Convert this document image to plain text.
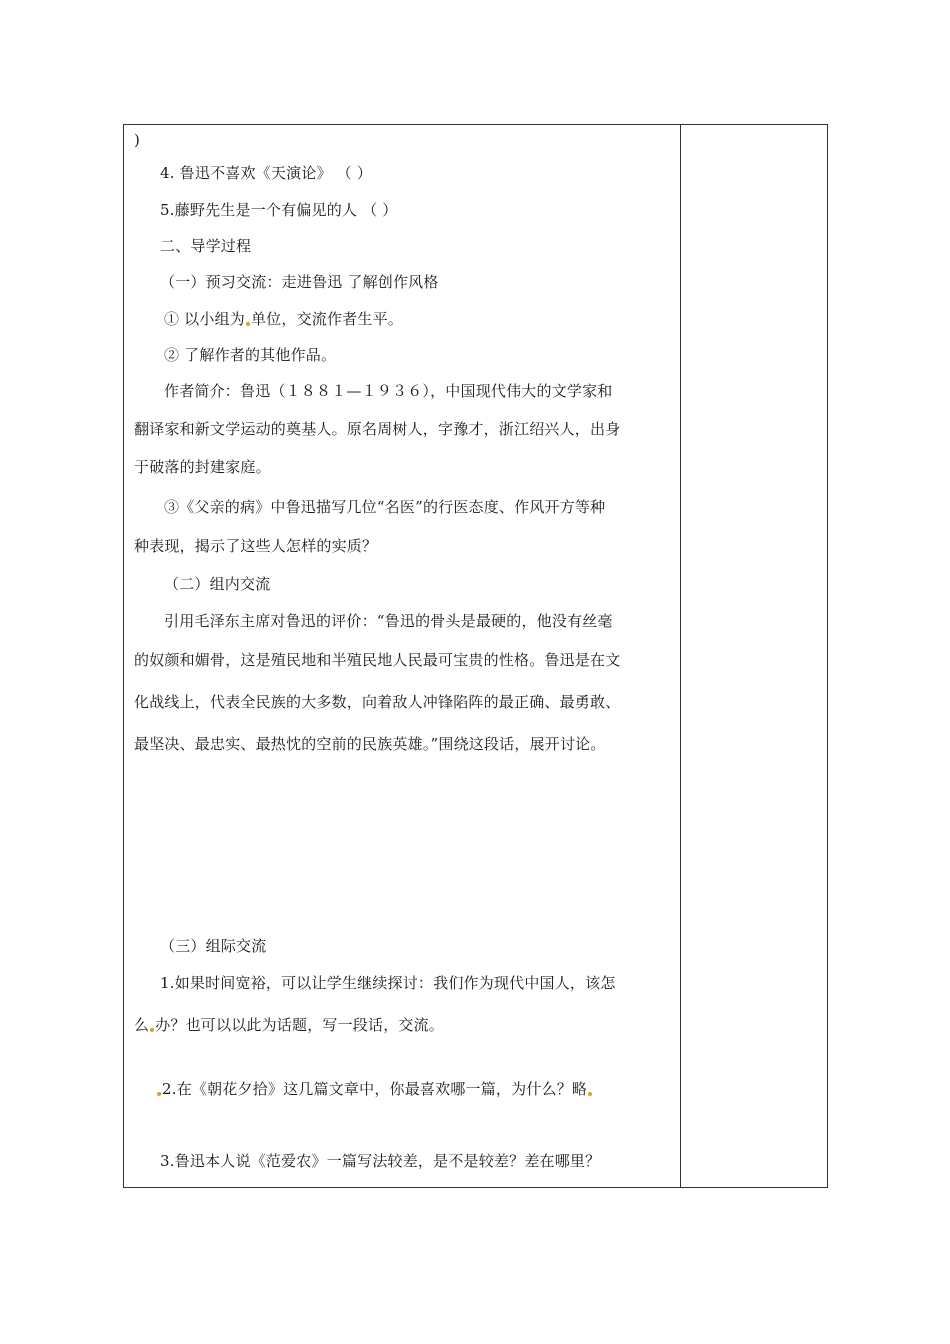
)
4. 鲁迅不喜欢《天演论》 （ ）
5.藤野先生是一个有偏见的人 （ ）
二、导学过程
（一）预习交流：走进鲁迅 了解创作风格
① 以小组为 单位，交流作者生平。
② 了解作者的其他作品。
作者简介：鲁迅（１８８１—１９３６），中国现代伟大的文学家和
翻译家和新文学运动的奠基人。原名周树人，字豫才，浙江绍兴人，出身
于破落的封建家庭。
③《父亲的病》中鲁迅描写几位“名医”的行医态度、作风开方等种
种表现，揭示了这些人怎样的实质？
（二）组内交流
引用毛泽东主席对鲁迅的评价：“鲁迅的骨头是最硬的，他没有丝毫
的奴颜和媚骨，这是殖民地和半殖民地人民最可宝贵的性格。鲁迅是在文
化战线上，代表全民族的大多数，向着敌人冲锋陷阵的最正确、最勇敢、
最坚决、最忠实、最热忱的空前的民族英雄。”围绕这段话，展开讨论。
（三）组际交流
1.如果时间宽裕，可以让学生继续探讨：我们作为现代中国人，该怎
么 办？也可以以此为话题，写一段话，交流。
2.在《朝花夕拾》这几篇文章中，你最喜欢哪一篇，为什么？略
3.鲁迅本人说《范爱农》一篇写法较差，是不是较差？差在哪里？
